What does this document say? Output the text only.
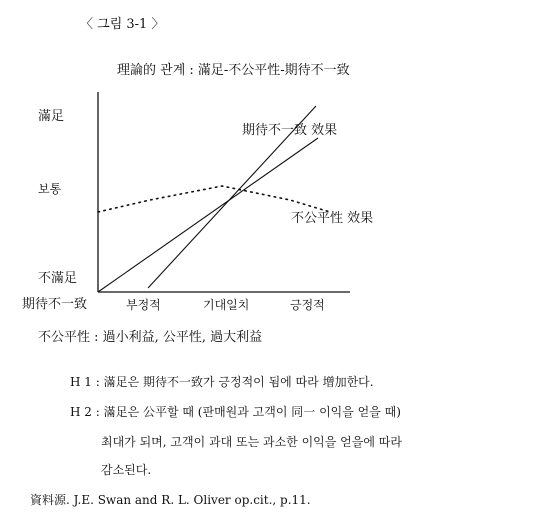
〈 그림 3-1 〉
理論的 관계 : 滿足-不公平性-期待不一致
滿足
보통
不滿足
期待不一致 效果
不公平性 效果
期待不一致	부정적	기대일치	긍정적
不公平性 : 過小利益, 公平性, 過大利益
H 1 : 滿足은 期待不一致가 긍정적이 됨에 따라 增加한다.
H 2 : 滿足은 公平할 때 (판매원과 고객이 同一 이익을 얻을 때)
최대가 되며, 고객이 과대 또는 과소한 이익을 얻을에 따라
감소된다.
資料源. J.E. Swan and R. L. Oliver op.cit., p.11.
